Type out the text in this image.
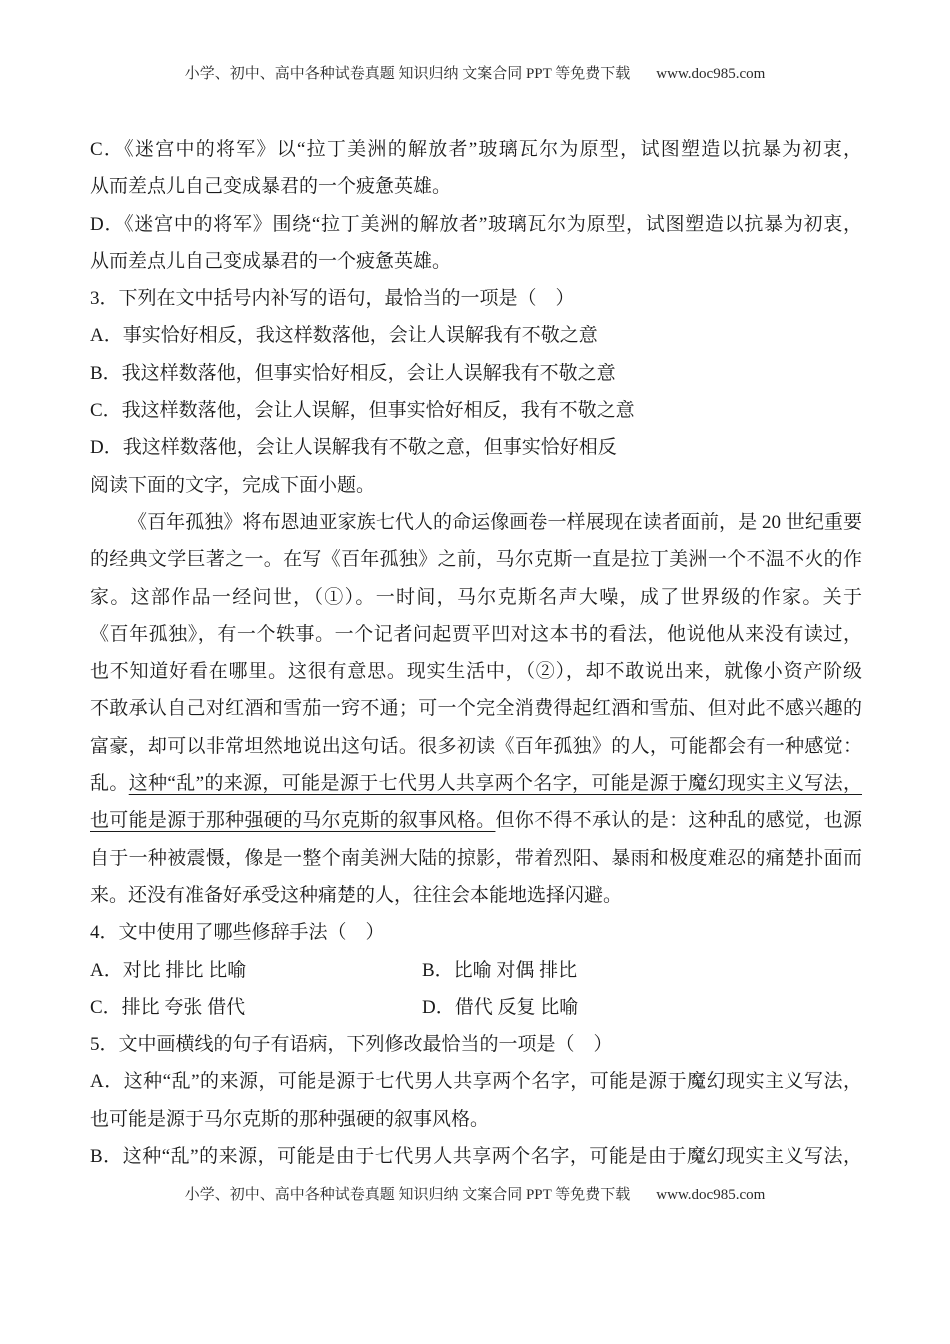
小学、初中、高中各种试卷真题 知识归纳 文案合同 PPT 等免费下载 www.doc985.com
C．《迷宫中的将军》以“拉丁美洲的解放者”玻璃瓦尔为原型，试图塑造以抗暴为初衷，
从而差点儿自己变成暴君的一个疲惫英雄。
D．《迷宫中的将军》围绕“拉丁美洲的解放者”玻璃瓦尔为原型，试图塑造以抗暴为初衷，
从而差点儿自己变成暴君的一个疲惫英雄。
3．下列在文中括号内补写的语句，最恰当的一项是（　）
A．事实恰好相反，我这样数落他，会让人误解我有不敬之意
B．我这样数落他，但事实恰好相反，会让人误解我有不敬之意
C．我这样数落他，会让人误解，但事实恰好相反，我有不敬之意
D．我这样数落他，会让人误解我有不敬之意，但事实恰好相反
阅读下面的文字，完成下面小题。
《百年孤独》将布恩迪亚家族七代人的命运像画卷一样展现在读者面前，是 20 世纪重要
的经典文学巨著之一。在写《百年孤独》之前，马尔克斯一直是拉丁美洲一个不温不火的作
家。这部作品一经问世，（①）。一时间，马尔克斯名声大噪，成了世界级的作家。关于
《百年孤独》，有一个轶事。一个记者问起贾平凹对这本书的看法，他说他从来没有读过，
也不知道好看在哪里。这很有意思。现实生活中，（②），却不敢说出来，就像小资产阶级
不敢承认自己对红酒和雪茄一窍不通；可一个完全消费得起红酒和雪茄、但对此不感兴趣的
富豪，却可以非常坦然地说出这句话。很多初读《百年孤独》的人，可能都会有一种感觉：
乱。这种“乱”的来源，可能是源于七代男人共享两个名字，可能是源于魔幻现实主义写法，
也可能是源于那种强硬的马尔克斯的叙事风格。但你不得不承认的是：这种乱的感觉，也源
自于一种被震慑，像是一整个南美洲大陆的掠影，带着烈阳、暴雨和极度难忍的痛楚扑面而
来。还没有准备好承受这种痛楚的人，往往会本能地选择闪避。
4．文中使用了哪些修辞手法（　）
A．对比 排比 比喻	B．比喻 对偶 排比
C．排比 夸张 借代	D．借代 反复 比喻
5．文中画横线的句子有语病，下列修改最恰当的一项是（　）
A．这种“乱”的来源，可能是源于七代男人共享两个名字，可能是源于魔幻现实主义写法，
也可能是源于马尔克斯的那种强硬的叙事风格。
B．这种“乱”的来源，可能是由于七代男人共享两个名字，可能是由于魔幻现实主义写法，
小学、初中、高中各种试卷真题 知识归纳 文案合同 PPT 等免费下载 www.doc985.com
